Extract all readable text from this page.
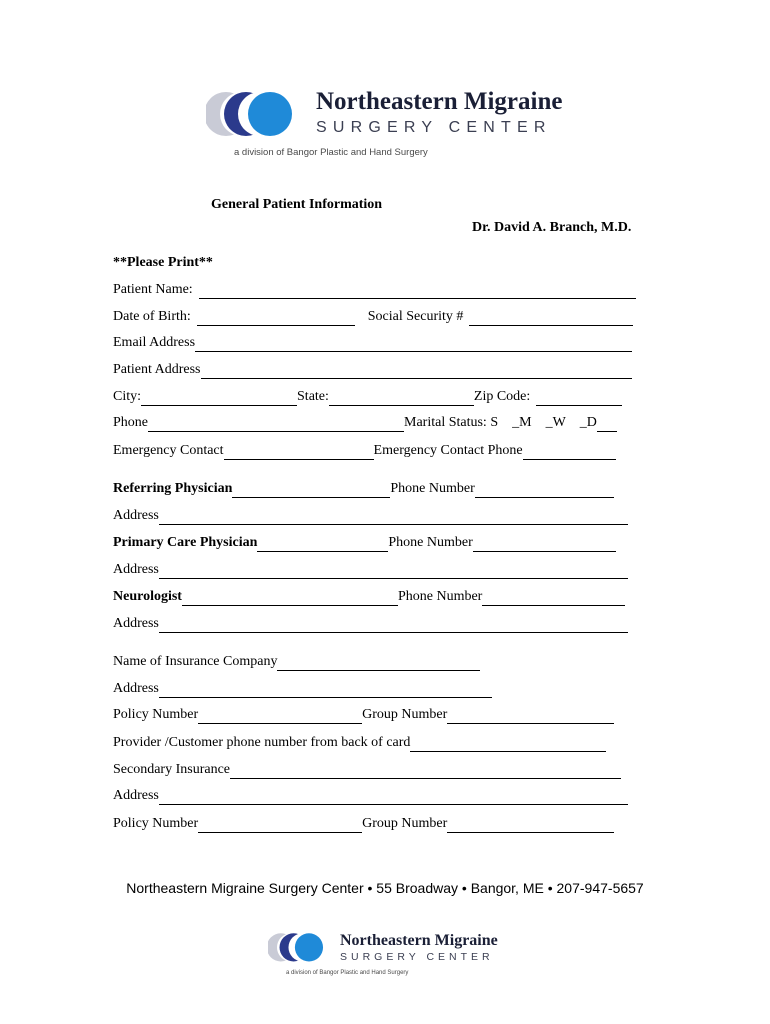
Northeastern Migraine
SURGERY CENTER
a division of Bangor Plastic and Hand Surgery
General Patient Information
Dr. David A. Branch, M.D.
**Please Print**
Patient Name:
Date of Birth:	Social Security #
Email Address
Patient Address
City:	State:	Zip Code:
Phone	Marital Status: S _M _W _D
Emergency Contact	Emergency Contact Phone
Referring Physician	Phone Number
Address
Primary Care Physician	Phone Number
Address
Neurologist	Phone Number
Address
Name of Insurance Company
Address
Policy Number	Group Number
Provider /Customer phone number from back of card
Secondary Insurance
Address
Policy Number	Group Number
Northeastern Migraine Surgery Center • 55 Broadway • Bangor, ME • 207-947-5657
Northeastern Migraine
SURGERY CENTER
a division of Bangor Plastic and Hand Surgery
